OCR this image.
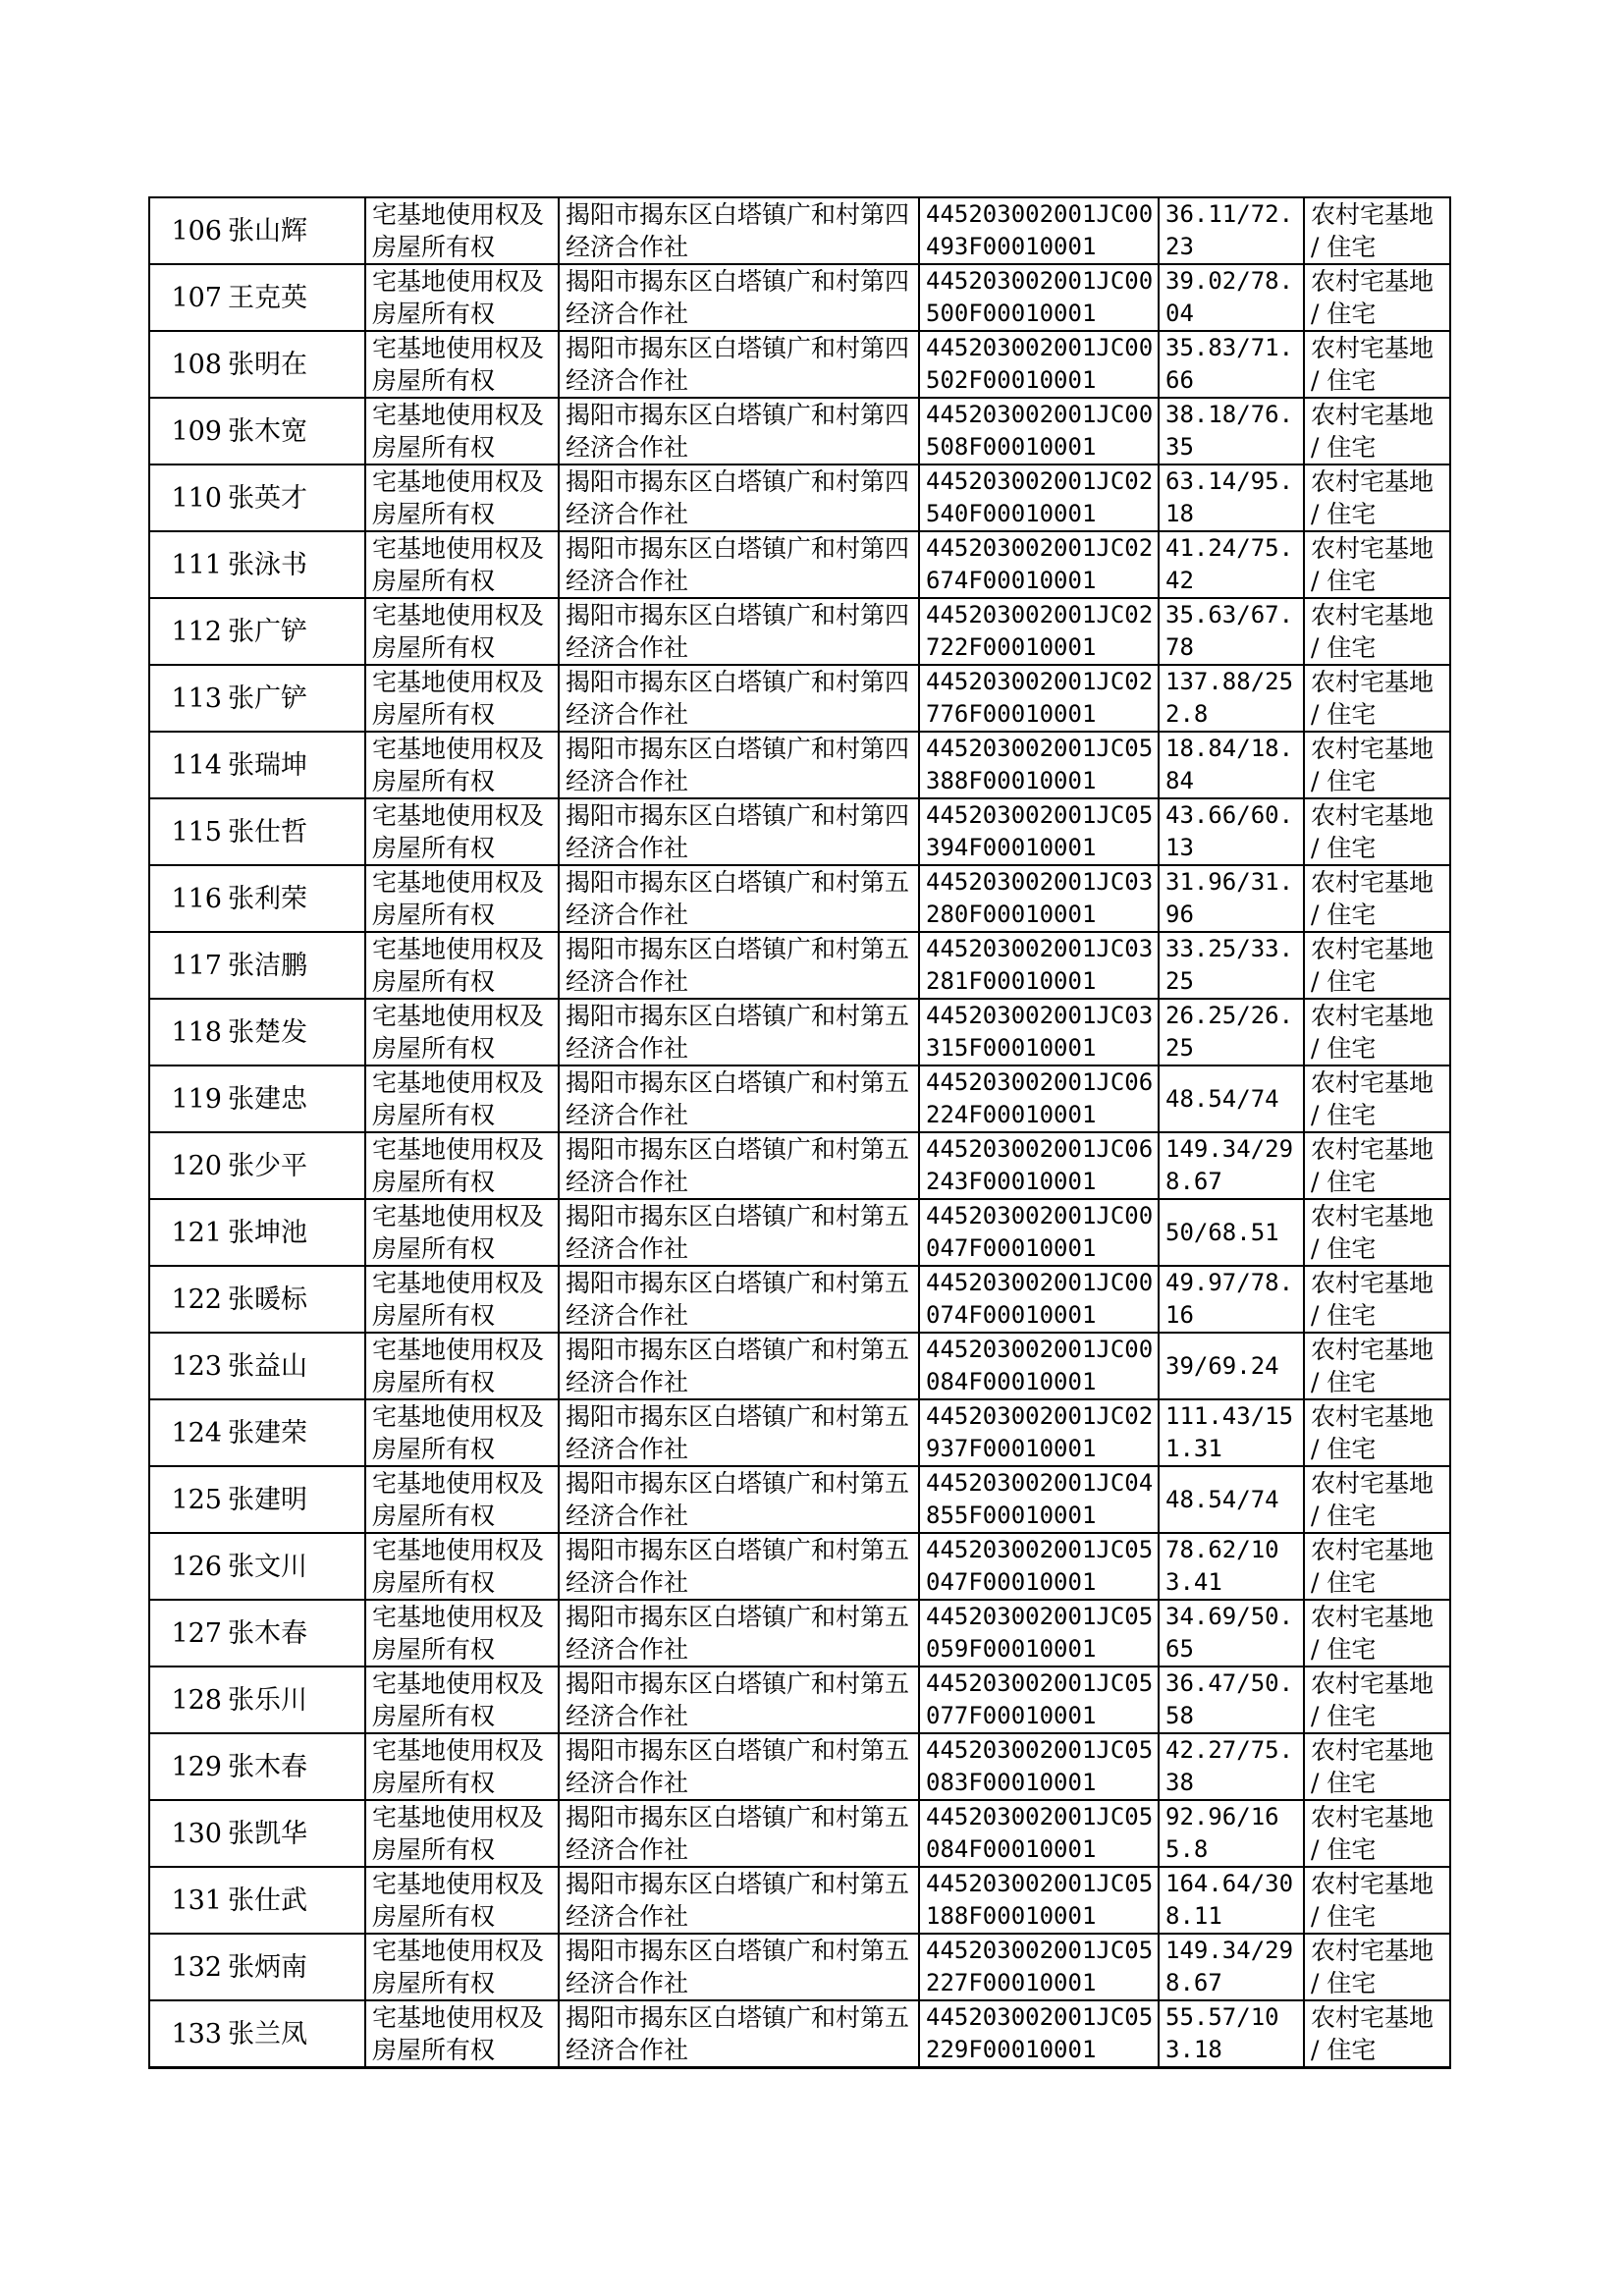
106	张山辉	宅基地使用权及房屋所有权	揭阳市揭东区白塔镇广和村第四经济合作社	445203002001JC00493F00010001	36.11/72.23	农村宅基地 / 住宅
107	王克英	宅基地使用权及房屋所有权	揭阳市揭东区白塔镇广和村第四经济合作社	445203002001JC00500F00010001	39.02/78.04	农村宅基地 / 住宅
108	张明在	宅基地使用权及房屋所有权	揭阳市揭东区白塔镇广和村第四经济合作社	445203002001JC00502F00010001	35.83/71.66	农村宅基地 / 住宅
109	张木宽	宅基地使用权及房屋所有权	揭阳市揭东区白塔镇广和村第四经济合作社	445203002001JC00508F00010001	38.18/76.35	农村宅基地 / 住宅
110	张英才	宅基地使用权及房屋所有权	揭阳市揭东区白塔镇广和村第四经济合作社	445203002001JC02540F00010001	63.14/95.18	农村宅基地 / 住宅
111	张泳书	宅基地使用权及房屋所有权	揭阳市揭东区白塔镇广和村第四经济合作社	445203002001JC02674F00010001	41.24/75.42	农村宅基地 / 住宅
112	张广铲	宅基地使用权及房屋所有权	揭阳市揭东区白塔镇广和村第四经济合作社	445203002001JC02722F00010001	35.63/67.78	农村宅基地 / 住宅
113	张广铲	宅基地使用权及房屋所有权	揭阳市揭东区白塔镇广和村第四经济合作社	445203002001JC02776F00010001	137.88/252.8	农村宅基地 / 住宅
114	张瑞坤	宅基地使用权及房屋所有权	揭阳市揭东区白塔镇广和村第四经济合作社	445203002001JC05388F00010001	18.84/18.84	农村宅基地 / 住宅
115	张仕哲	宅基地使用权及房屋所有权	揭阳市揭东区白塔镇广和村第四经济合作社	445203002001JC05394F00010001	43.66/60.13	农村宅基地 / 住宅
116	张利荣	宅基地使用权及房屋所有权	揭阳市揭东区白塔镇广和村第五经济合作社	445203002001JC03280F00010001	31.96/31.96	农村宅基地 / 住宅
117	张洁鹏	宅基地使用权及房屋所有权	揭阳市揭东区白塔镇广和村第五经济合作社	445203002001JC03281F00010001	33.25/33.25	农村宅基地 / 住宅
118	张楚发	宅基地使用权及房屋所有权	揭阳市揭东区白塔镇广和村第五经济合作社	445203002001JC03315F00010001	26.25/26.25	农村宅基地 / 住宅
119	张建忠	宅基地使用权及房屋所有权	揭阳市揭东区白塔镇广和村第五经济合作社	445203002001JC06224F00010001	48.54/74	农村宅基地 / 住宅
120	张少平	宅基地使用权及房屋所有权	揭阳市揭东区白塔镇广和村第五经济合作社	445203002001JC06243F00010001	149.34/298.67	农村宅基地 / 住宅
121	张坤池	宅基地使用权及房屋所有权	揭阳市揭东区白塔镇广和村第五经济合作社	445203002001JC00047F00010001	50/68.51	农村宅基地 / 住宅
122	张暖标	宅基地使用权及房屋所有权	揭阳市揭东区白塔镇广和村第五经济合作社	445203002001JC00074F00010001	49.97/78.16	农村宅基地 / 住宅
123	张益山	宅基地使用权及房屋所有权	揭阳市揭东区白塔镇广和村第五经济合作社	445203002001JC00084F00010001	39/69.24	农村宅基地 / 住宅
124	张建荣	宅基地使用权及房屋所有权	揭阳市揭东区白塔镇广和村第五经济合作社	445203002001JC02937F00010001	111.43/151.31	农村宅基地 / 住宅
125	张建明	宅基地使用权及房屋所有权	揭阳市揭东区白塔镇广和村第五经济合作社	445203002001JC04855F00010001	48.54/74	农村宅基地 / 住宅
126	张文川	宅基地使用权及房屋所有权	揭阳市揭东区白塔镇广和村第五经济合作社	445203002001JC05047F00010001	78.62/103.41	农村宅基地 / 住宅
127	张木春	宅基地使用权及房屋所有权	揭阳市揭东区白塔镇广和村第五经济合作社	445203002001JC05059F00010001	34.69/50.65	农村宅基地 / 住宅
128	张乐川	宅基地使用权及房屋所有权	揭阳市揭东区白塔镇广和村第五经济合作社	445203002001JC05077F00010001	36.47/50.58	农村宅基地 / 住宅
129	张木春	宅基地使用权及房屋所有权	揭阳市揭东区白塔镇广和村第五经济合作社	445203002001JC05083F00010001	42.27/75.38	农村宅基地 / 住宅
130	张凯华	宅基地使用权及房屋所有权	揭阳市揭东区白塔镇广和村第五经济合作社	445203002001JC05084F00010001	92.96/165.8	农村宅基地 / 住宅
131	张仕武	宅基地使用权及房屋所有权	揭阳市揭东区白塔镇广和村第五经济合作社	445203002001JC05188F00010001	164.64/308.11	农村宅基地 / 住宅
132	张炳南	宅基地使用权及房屋所有权	揭阳市揭东区白塔镇广和村第五经济合作社	445203002001JC05227F00010001	149.34/298.67	农村宅基地 / 住宅
133	张兰凤	宅基地使用权及房屋所有权	揭阳市揭东区白塔镇广和村第五经济合作社	445203002001JC05229F00010001	55.57/103.18	农村宅基地 / 住宅
